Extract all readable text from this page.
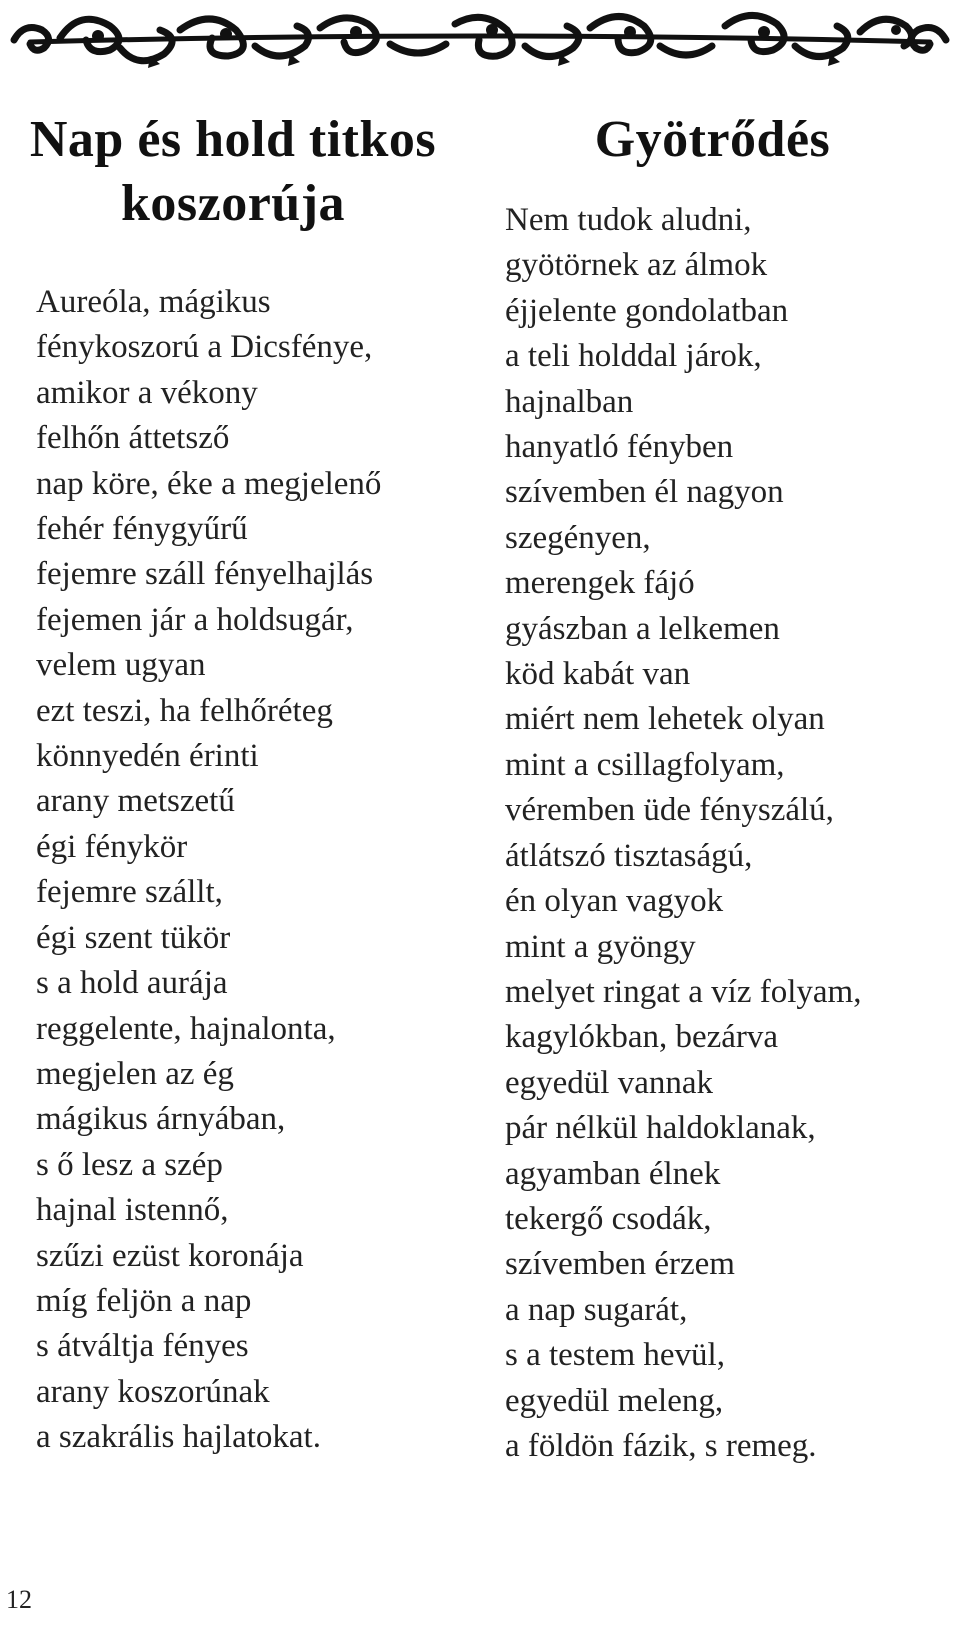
Nap és hold titkos koszorúja
Aureóla, mágikus
fénykoszorú a Dicsfénye,
amikor a vékony
felhőn áttetsző
nap köre, éke a megjelenő
fehér fénygyűrű
fejemre száll fényelhajlás
fejemen jár a holdsugár,
velem ugyan
ezt teszi, ha felhőréteg
könnyedén érinti
arany metszetű
égi fénykör
fejemre szállt,
égi szent tükör
s a hold aurája
reggelente, hajnalonta,
megjelen az ég
mágikus árnyában,
s ő lesz a szép
hajnal istennő,
szűzi ezüst koronája
míg feljön a nap
s átváltja fényes
arany koszorúnak
a szakrális hajlatokat.
Gyötrődés
Nem tudok aludni,
gyötörnek az álmok
éjjelente gondolatban
a teli holddal járok,
hajnalban
hanyatló fényben
szívemben él nagyon
szegényen,
merengek fájó
gyászban a lelkemen
köd kabát van
miért nem lehetek olyan
mint a csillagfolyam,
véremben üde fényszálú,
átlátszó tisztaságú,
én olyan vagyok
mint a gyöngy
melyet ringat a víz folyam,
kagylókban, bezárva
egyedül vannak
pár nélkül haldoklanak,
agyamban élnek
tekergő csodák,
szívemben érzem
a nap sugarát,
s a testem hevül,
egyedül meleng,
a földön fázik, s remeg.
12
